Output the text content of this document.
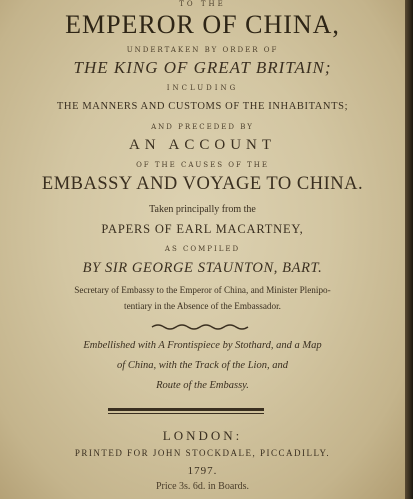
TO THE
EMPEROR OF CHINA,
UNDERTAKEN BY ORDER OF
THE KING OF GREAT BRITAIN;
INCLUDING
THE MANNERS AND CUSTOMS OF THE INHABITANTS;
AND PRECEDED BY
AN ACCOUNT
OF THE CAUSES OF THE
EMBASSY AND VOYAGE TO CHINA.
Taken principally from the
PAPERS OF EARL MACARTNEY,
AS COMPILED
BY SIR GEORGE STAUNTON, BART.
Secretary of Embassy to the Emperor of China, and Minister Plenipo-
tentiary in the Absence of the Embassador.
Embellished with A Frontispiece by Stothard, and a Map
of China, with the Track of the Lion, and
Route of the Embassy.
LONDON:
PRINTED FOR JOHN STOCKDALE, PICCADILLY.
1797.
Price 3s. 6d. in Boards.
